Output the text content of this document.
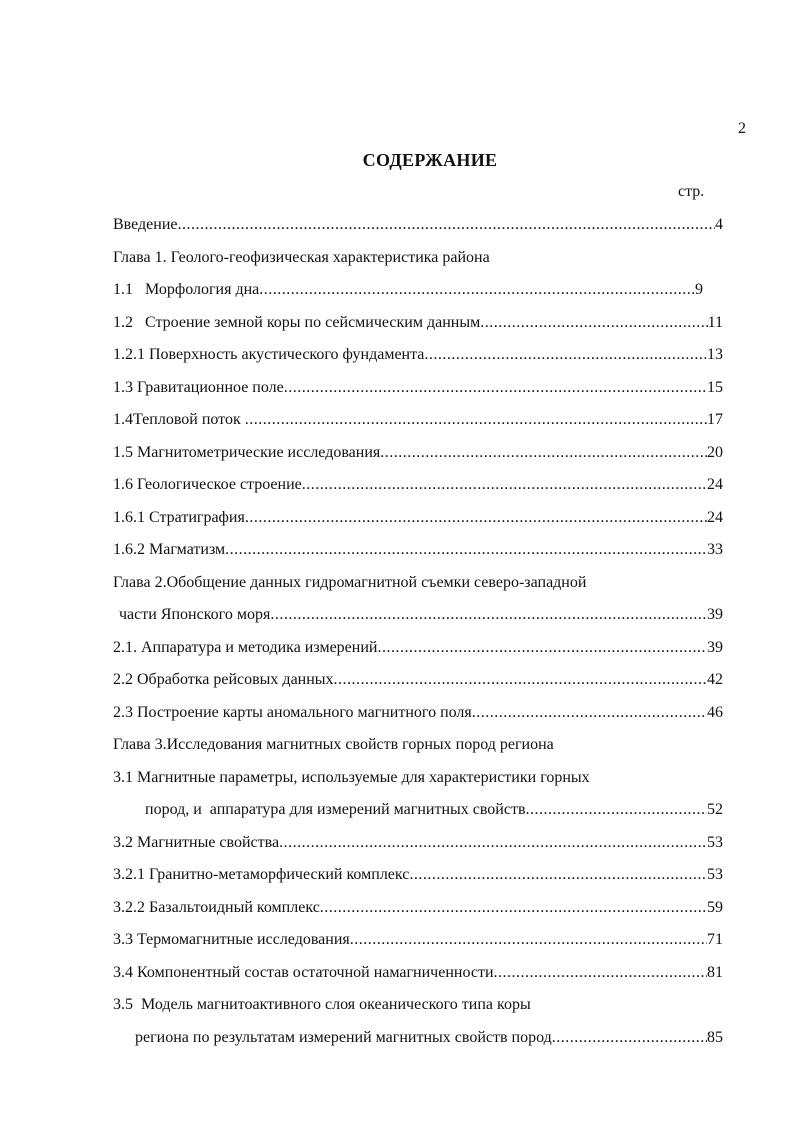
2
СОДЕРЖАНИЕ
стр.
Введение .....	4
Глава 1. Геолого-геофизическая характеристика района
1.1   Морфология дна .....	9
1.2   Строение земной коры по сейсмическим данным .....	11
1.2.1 Поверхность акустического фундамента .....	13
1.3 Гравитационное поле .....	15
1.4Тепловой поток .....	17
1.5 Магнитометрические исследования .....	20
1.6 Геологическое строение .....	24
1.6.1 Стратиграфия .....	24
1.6.2 Магматизм .....	33
Глава 2.Обобщение данных гидромагнитной съемки северо-западной
части Японского моря .....	39
2.1. Аппаратура и методика измерений .....	39
2.2 Обработка рейсовых данных .....	42
2.3 Построение карты аномального магнитного поля .....	46
Глава 3.Исследования магнитных свойств горных пород региона
3.1 Магнитные параметры, используемые для характеристики горных
пород, и  аппаратура для измерений магнитных свойств .....	52
3.2 Магнитные свойства .....	53
3.2.1 Гранитно-метаморфический комплекс .....	53
3.2.2 Базальтоидный комплекс .....	59
3.3 Термомагнитные исследования .....	71
3.4 Компонентный состав остаточной намагниченности .....	81
3.5  Модель магнитоактивного слоя океанического типа коры
региона по результатам измерений магнитных свойств пород .....	85
